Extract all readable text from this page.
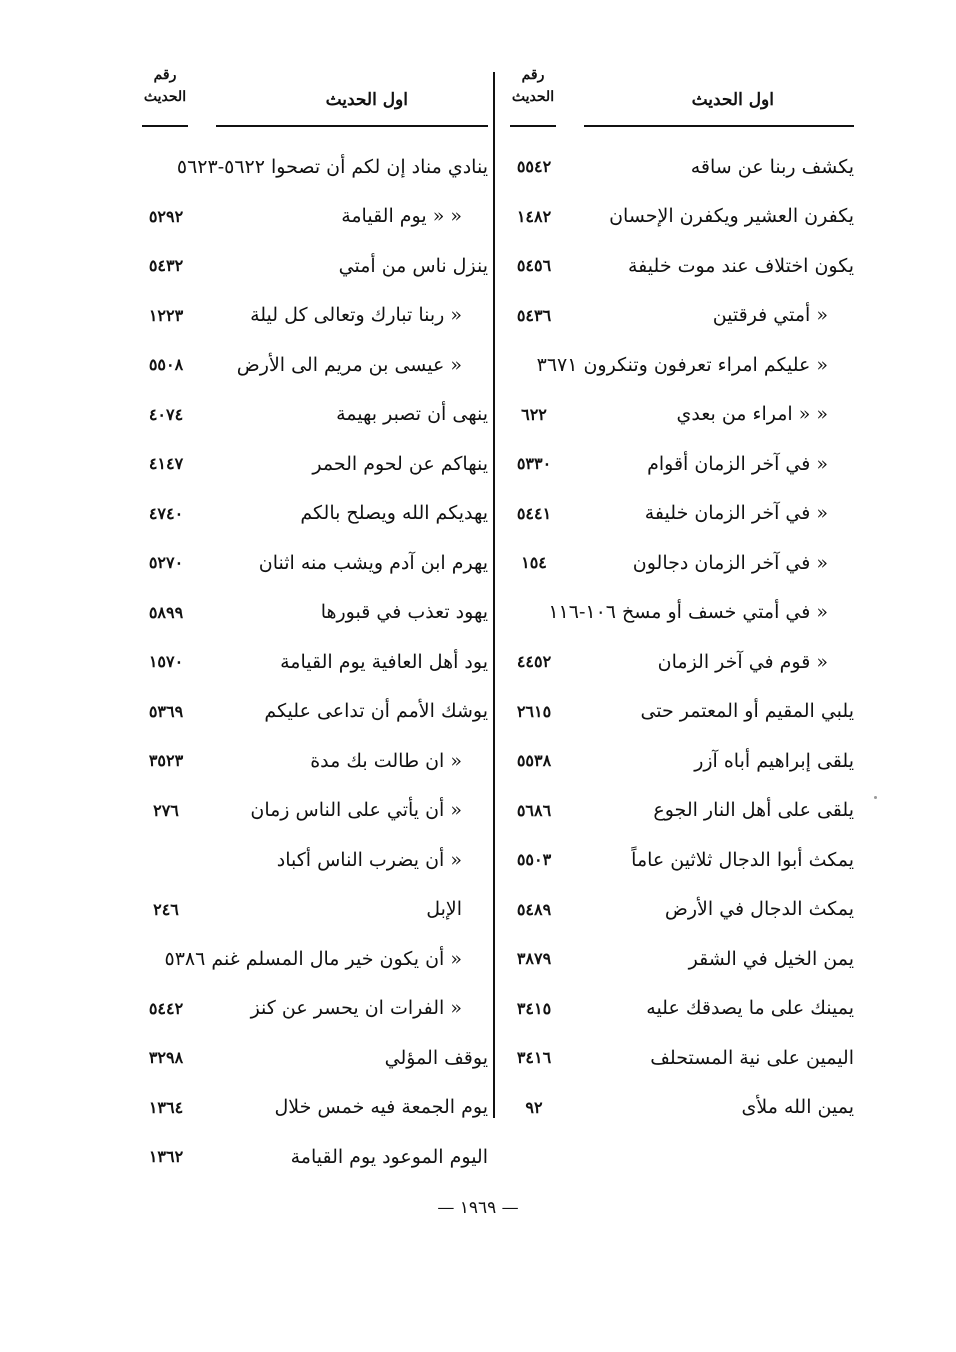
اول الحديث
رقم
الحديث
يكشف ربنا عن ساقه
٥٥٤٢
يكفرن العشير ويكفرن الإحسان
١٤٨٢
يكون اختلاف عند موت خليفة
٥٤٥٦
« أمتي فرقتين
٥٤٣٦
« عليكم امراء تعرفون وتنكرون ٣٦٧١
« « امراء من بعدي
٦٢٢
« في آخر الزمان أقوام
٥٣٣٠
« في آخر الزمان خليفة
٥٤٤١
« في آخر الزمان دجالون
١٥٤
« في أمتي خسف أو مسخ ١٠٦-١١٦
« قوم في آخر الزمان
٤٤٥٢
يلبي المقيم أو المعتمر حتى
٢٦١٥
يلقى إبراهيم أباه آزر
٥٥٣٨
يلقى على أهل النار الجوع
٥٦٨٦
يمكث أبوا الدجال ثلاثين عاماً
٥٥٠٣
يمكث الدجال في الأرض
٥٤٨٩
يمن الخيل في الشقر
٣٨٧٩
يمينك على ما يصدقك عليه
٣٤١٥
اليمين على نية المستحلف
٣٤١٦
يمين الله ملأى
٩٢
اول الحديث
رقم
الحديث
ينادي مناد إن لكم أن تصحوا ٥٦٢٢-٥٦٢٣
« « يوم القيامة
٥٢٩٢
ينزل ناس من أمتي
٥٤٣٢
« ربنا تبارك وتعالى كل ليلة
١٢٢٣
« عيسى بن مريم الى الأرض
٥٥٠٨
ينهى أن تصبر بهيمة
٤٠٧٤
ينهاكم عن لحوم الحمر
٤١٤٧
يهديكم الله ويصلح بالكم
٤٧٤٠
يهرم ابن آدم ويشب منه اثنان
٥٢٧٠
يهود تعذب في قبورها
٥٨٩٩
يود أهل العافية يوم القيامة
١٥٧٠
يوشك الأمم أن تداعى عليكم
٥٣٦٩
« ان طالت بك مدة
٣٥٢٣
« أن يأتي على الناس زمان
٢٧٦
« أن يضرب الناس أكباد
الإبل
٢٤٦
« أن يكون خير مال المسلم غنم ٥٣٨٦
« الفرات ان يحسر عن كنز
٥٤٤٢
يوقف المؤلي
٣٢٩٨
يوم الجمعة فيه خمس خلال
١٣٦٤
اليوم الموعود يوم القيامة
١٣٦٢
— ١٩٦٩ —
